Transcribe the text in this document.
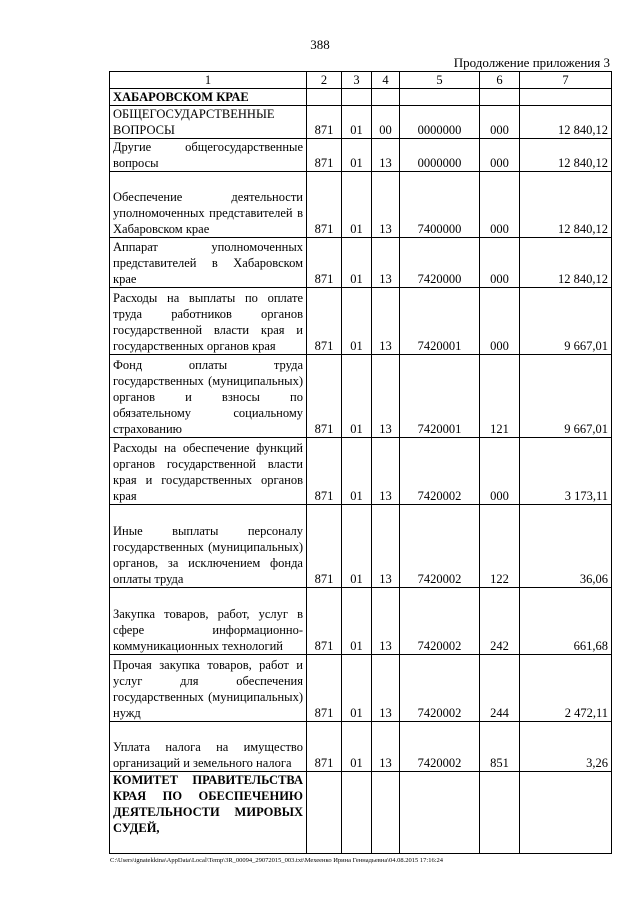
388
Продолжение приложения 3
1	2	3	4	5	6	7
ХАБАРОВСКОМ КРАЕ						
ОБЩЕГОСУДАРСТВЕННЫЕ ВОПРОСЫ	871	01	00	0000000	000	12 840,12
Другие общегосударственные вопросы	871	01	13	0000000	000	12 840,12
Обеспечение деятельности уполномоченных представителей в Хабаровском крае	871	01	13	7400000	000	12 840,12
Аппарат уполномоченных представителей в Хабаровском крае	871	01	13	7420000	000	12 840,12
Расходы на выплаты по оплате труда работников органов государственной власти края и государственных органов края	871	01	13	7420001	000	9 667,01
Фонд оплаты труда государственных (муниципальных) органов и взносы по обязательному социальному страхованию	871	01	13	7420001	121	9 667,01
Расходы на обеспечение функций органов государственной власти края и государственных органов края	871	01	13	7420002	000	3 173,11
Иные выплаты персоналу государственных (муниципальных) органов, за исключением фонда оплаты труда	871	01	13	7420002	122	36,06
Закупка товаров, работ, услуг в сфере информационно-коммуникационных технологий	871	01	13	7420002	242	661,68
Прочая закупка товаров, работ и услуг для обеспечения государственных (муниципальных) нужд	871	01	13	7420002	244	2 472,11
Уплата налога на имущество организаций и земельного налога	871	01	13	7420002	851	3,26
КОМИТЕТ ПРАВИТЕЛЬСТВА КРАЯ ПО ОБЕСПЕЧЕНИЮ ДЕЯТЕЛЬНОСТИ МИРОВЫХ СУДЕЙ,						
C:\Users\ignatekkina\AppData\Local\Temp\3R_00094_29072015_003.txt\Мехеенко Ирина Геннадьевна\04.08.2015 17:16:24
